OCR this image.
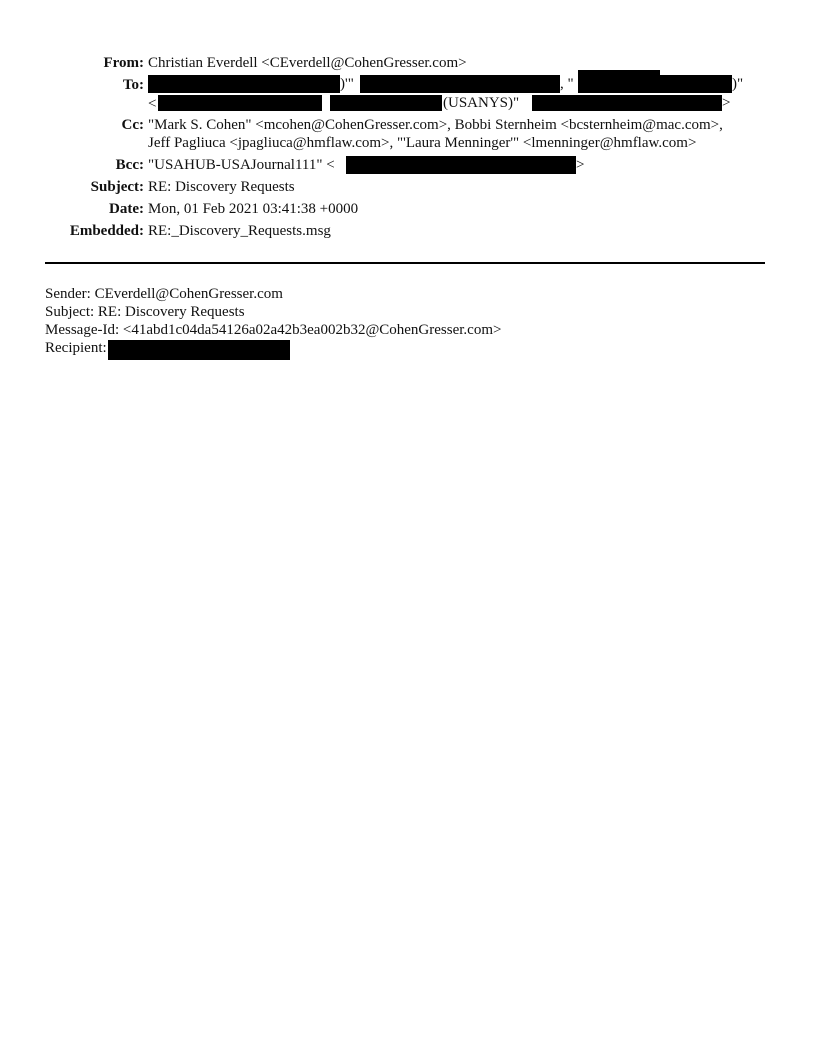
From: Christian Everdell <CEverdell@CohenGresser.com>
To:	)'"	, "	)"
<	(USANYS)"	>
Cc: "Mark S. Cohen" <mcohen@CohenGresser.com>, Bobbi Sternheim <bcsternheim@mac.com>,
Jeff Pagliuca <jpagliuca@hmflaw.com>, "'Laura Menninger'" <lmenninger@hmflaw.com>
Bcc: "USAHUB-USAJournal111" <	>
Subject: RE: Discovery Requests
Date: Mon, 01 Feb 2021 03:41:38 +0000
Embedded: RE:_Discovery_Requests.msg
Sender: CEverdell@CohenGresser.com
Subject: RE: Discovery Requests
Message-Id: <41abd1c04da54126a02a42b3ea002b32@CohenGresser.com>
Recipient:
